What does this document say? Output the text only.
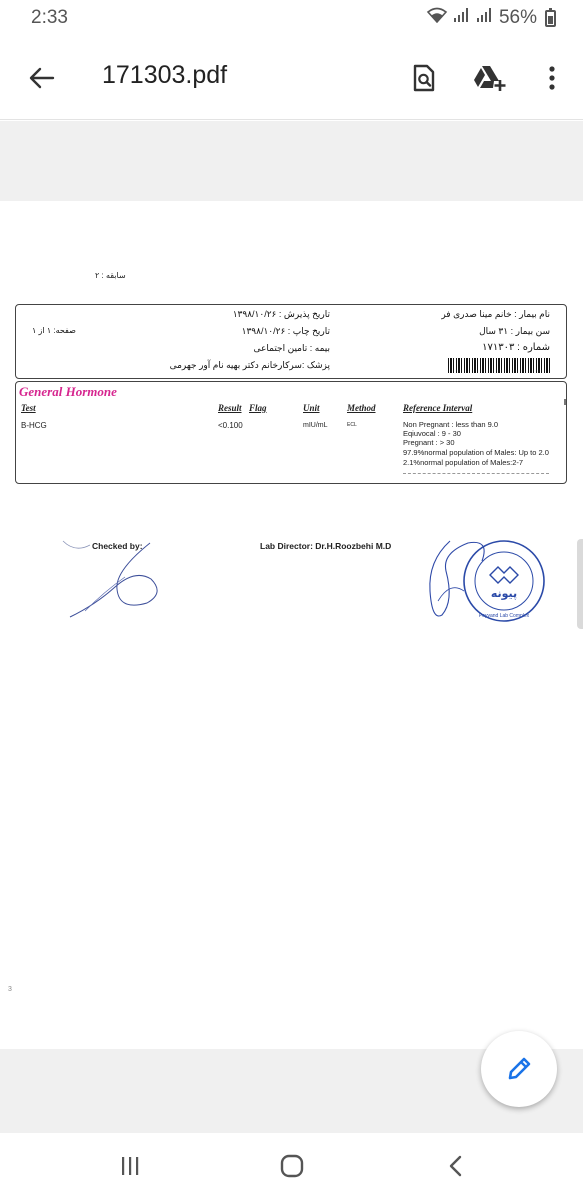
2:33	56%
171303.pdf
سابقه : ۲
نام بیمار : خانم مینا صدری فر
سن بیمار : ۳۱ سال
شماره : ۱۷۱۳۰۳
تاریخ پذیرش : ۱۳۹۸/۱۰/۲۶
تاریخ چاپ : ۱۳۹۸/۱۰/۲۶
بیمه : تامین اجتماعی
پزشک :سرکارخانم دکتر بهیه نام آور جهرمی
صفحه: ۱ از ۱
General Hormone
Test	Result Flag	Unit	Method	Reference Interval
B-HCG	<0.100	mIU/mL	ECL	Non Pregnant : less than 9.0
Eqiuvocal : 9 - 30
Pregnant : > 30
97.9%normal population of Males: Up to 2.0
2.1%normal population of Males:2-7
Checked by:	Lab Director: Dr.H.Roozbehi M.D
پیونه
Peyvand Lab Complex
3
